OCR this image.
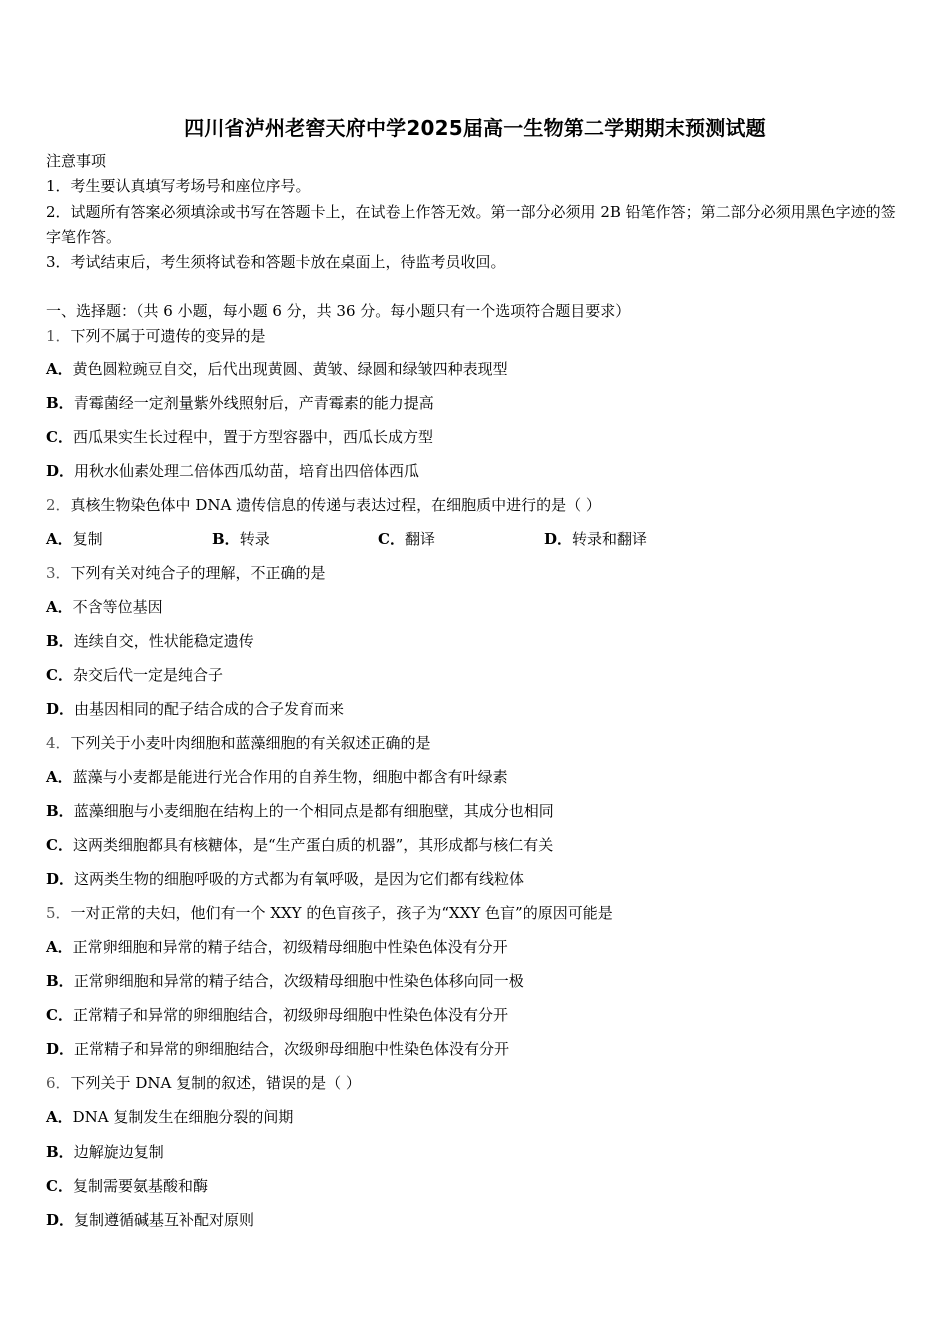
四川省泸州老窖天府中学2025届高一生物第二学期期末预测试题
注意事项
1．考生要认真填写考场号和座位序号。
2．试题所有答案必须填涂或书写在答题卡上，在试卷上作答无效。第一部分必须用 2B 铅笔作答；第二部分必须用黑色字迹的签字笔作答。
3．考试结束后，考生须将试卷和答题卡放在桌面上，待监考员收回。
一、选择题：（共 6 小题，每小题 6 分，共 36 分。每小题只有一个选项符合题目要求）
1．下列不属于可遗传的变异的是
A．黄色圆粒豌豆自交，后代出现黄圆、黄皱、绿圆和绿皱四种表现型
B．青霉菌经一定剂量紫外线照射后，产青霉素的能力提高
C．西瓜果实生长过程中，置于方型容器中，西瓜长成方型
D．用秋水仙素处理二倍体西瓜幼苗，培育出四倍体西瓜
2．真核生物染色体中 DNA 遗传信息的传递与表达过程，在细胞质中进行的是（ ）
A．复制	B．转录	C．翻译	D．转录和翻译
3．下列有关对纯合子的理解，不正确的是
A．不含等位基因
B．连续自交，性状能稳定遗传
C．杂交后代一定是纯合子
D．由基因相同的配子结合成的合子发育而来
4．下列关于小麦叶肉细胞和蓝藻细胞的有关叙述正确的是
A．蓝藻与小麦都是能进行光合作用的自养生物，细胞中都含有叶绿素
B．蓝藻细胞与小麦细胞在结构上的一个相同点是都有细胞壁，其成分也相同
C．这两类细胞都具有核糖体，是“生产蛋白质的机器”，其形成都与核仁有关
D．这两类生物的细胞呼吸的方式都为有氧呼吸，是因为它们都有线粒体
5．一对正常的夫妇，他们有一个 XXY 的色盲孩子，孩子为“XXY 色盲”的原因可能是
A．正常卵细胞和异常的精子结合，初级精母细胞中性染色体没有分开
B．正常卵细胞和异常的精子结合，次级精母细胞中性染色体移向同一极
C．正常精子和异常的卵细胞结合，初级卵母细胞中性染色体没有分开
D．正常精子和异常的卵细胞结合，次级卵母细胞中性染色体没有分开
6．下列关于 DNA 复制的叙述，错误的是（ ）
A．DNA 复制发生在细胞分裂的间期
B．边解旋边复制
C．复制需要氨基酸和酶
D．复制遵循碱基互补配对原则
